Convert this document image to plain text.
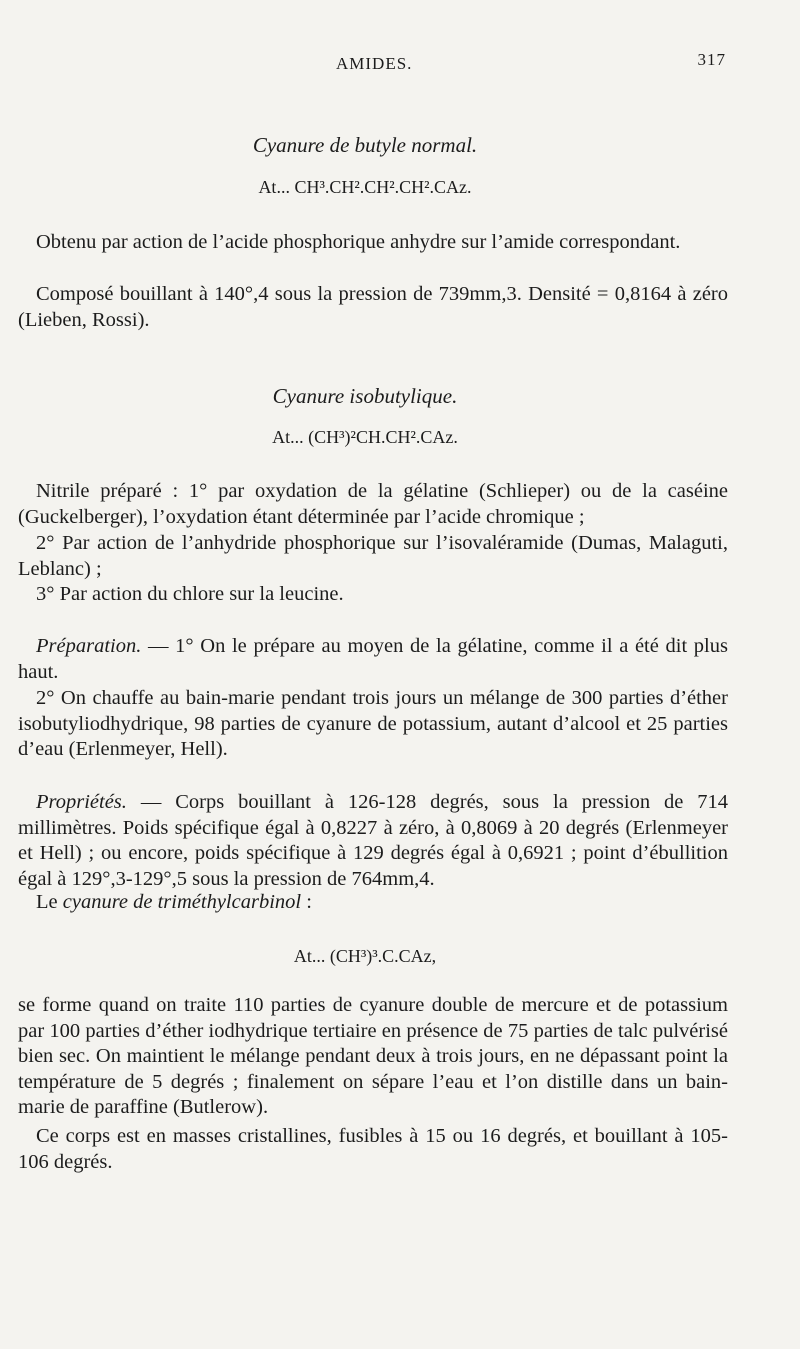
AMIDES.	317
Cyanure de butyle normal.
At... CH³.CH².CH².CH².CAz.

Obtenu par action de l’acide phosphorique anhydre sur l’amide correspondant.

Composé bouillant à 140°,4 sous la pression de 739mm,3. Densité = 0,8164 à zéro (Lieben, Rossi).

Cyanure isobutylique.
At... (CH³)²CH.CH².CAz.

Nitrile préparé : 1° par oxydation de la gélatine (Schlieper) ou de la caséine (Guckelberger), l’oxydation étant déterminée par l’acide chromique ;

2° Par action de l’anhydride phosphorique sur l’isovaléramide (Dumas, Malaguti, Leblanc) ;

3° Par action du chlore sur la leucine.

Préparation. — 1° On le prépare au moyen de la gélatine, comme il a été dit plus haut.

2° On chauffe au bain-marie pendant trois jours un mélange de 300 parties d’éther isobutyliodhydrique, 98 parties de cyanure de potassium, autant d’alcool et 25 parties d’eau (Erlenmeyer, Hell).

Propriétés. — Corps bouillant à 126-128 degrés, sous la pression de 714 millimètres. Poids spécifique égal à 0,8227 à zéro, à 0,8069 à 20 degrés (Erlenmeyer et Hell) ; ou encore, poids spécifique à 129 degrés égal à 0,6921 ; point d’ébullition égal à 129°,3-129°,5 sous la pression de 764mm,4.

Le cyanure de triméthylcarbinol :

At... (CH³)³.C.CAz,

se forme quand on traite 110 parties de cyanure double de mercure et de potassium par 100 parties d’éther iodhydrique tertiaire en présence de 75 parties de talc pulvérisé bien sec. On maintient le mélange pendant deux à trois jours, en ne dépassant point la température de 5 degrés ; finalement on sépare l’eau et l’on distille dans un bain-marie de paraffine (Butlerow).

Ce corps est en masses cristallines, fusibles à 15 ou 16 degrés, et bouillant à 105-106 degrés.
